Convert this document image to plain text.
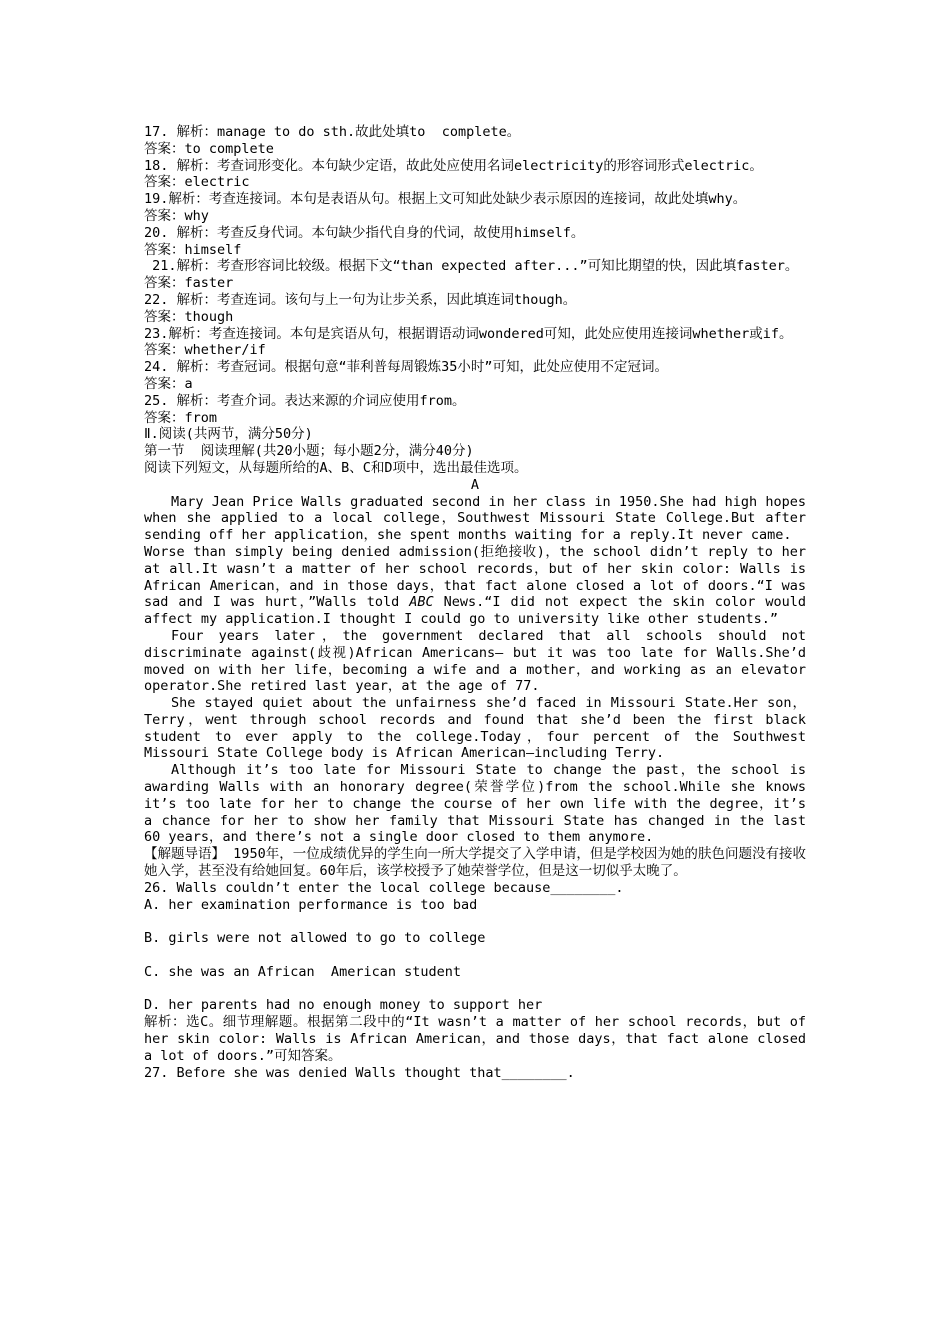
17. 解析：manage to do sth.故此处填to  complete。
答案：to complete
18. 解析：考查词形变化。本句缺少定语，故此处应使用名词electricity的形容词形式electric。
答案：electric
19.解析：考查连接词。本句是表语从句。根据上文可知此处缺少表示原因的连接词，故此处填why。
答案：why
20. 解析：考查反身代词。本句缺少指代自身的代词，故使用himself。
答案：himself
21.解析：考查形容词比较级。根据下文“than expected after...”可知比期望的快，因此填faster。
答案：faster
22. 解析：考查连词。该句与上一句为让步关系，因此填连词though。
答案：though
23.解析：考查连接词。本句是宾语从句，根据谓语动词wondered可知，此处应使用连接词whether或if。
答案：whether/if
24. 解析：考查冠词。根据句意“菲利普每周锻炼35小时”可知，此处应使用不定冠词。
答案：a
25. 解析：考查介词。表达来源的介词应使用from。
答案：from
Ⅱ.阅读(共两节，满分50分)
第一节  阅读理解(共20小题；每小题2分，满分40分)
阅读下列短文，从每题所给的A、B、C和D项中，选出最佳选项。
A
Mary Jean Price Walls graduated second in her class in 1950.She had high hopes when she applied to a local college，Southwest Missouri State College.But after sending off her application，she spent months waiting for a reply.It never came.
Worse than simply being denied admission(拒绝接收)，the school didn’t reply to her at all.It wasn’t a matter of her school records，but of her skin color: Walls is African American，and in those days，that fact alone closed a lot of doors.“I was sad and I was hurt，”Walls told ABC News.“I did not expect the skin color would affect my application.I thought I could go to university like other students.”
Four years later，the government declared that all schools should not discriminate against(歧视)African Americans— but it was too late for Walls.She’d moved on with her life，becoming a wife and a mother，and working as an elevator operator.She retired last year，at the age of 77.
She stayed quiet about the unfairness she’d faced in Missouri State.Her son，Terry，went through school records and found that she’d been the first black student to ever apply to the college.Today，four percent of the Southwest Missouri State College body is African American—including Terry.
Although it’s too late for Missouri State to change the past，the school is awarding Walls with an honorary degree(荣誉学位)from the school.While she knows it’s too late for her to change the course of her own life with the degree，it’s a chance for her to show her family that Missouri State has changed in the last 60 years，and there’s not a single door closed to them anymore.
【解题导语】 1950年，一位成绩优异的学生向一所大学提交了入学申请，但是学校因为她的肤色问题没有接收她入学，甚至没有给她回复。60年后，该学校授予了她荣誉学位，但是这一切似乎太晚了。
26. Walls couldn’t enter the local college because________.
A. her examination performance is too bad
B. girls were not allowed to go to college
C. she was an African  American student
D. her parents had no enough money to support her
解析：选C。细节理解题。根据第二段中的“It wasn’t a matter of her school records，but of her skin color: Walls is African American，and those days，that fact alone closed a lot of doors.”可知答案。
27. Before she was denied Walls thought that________.
